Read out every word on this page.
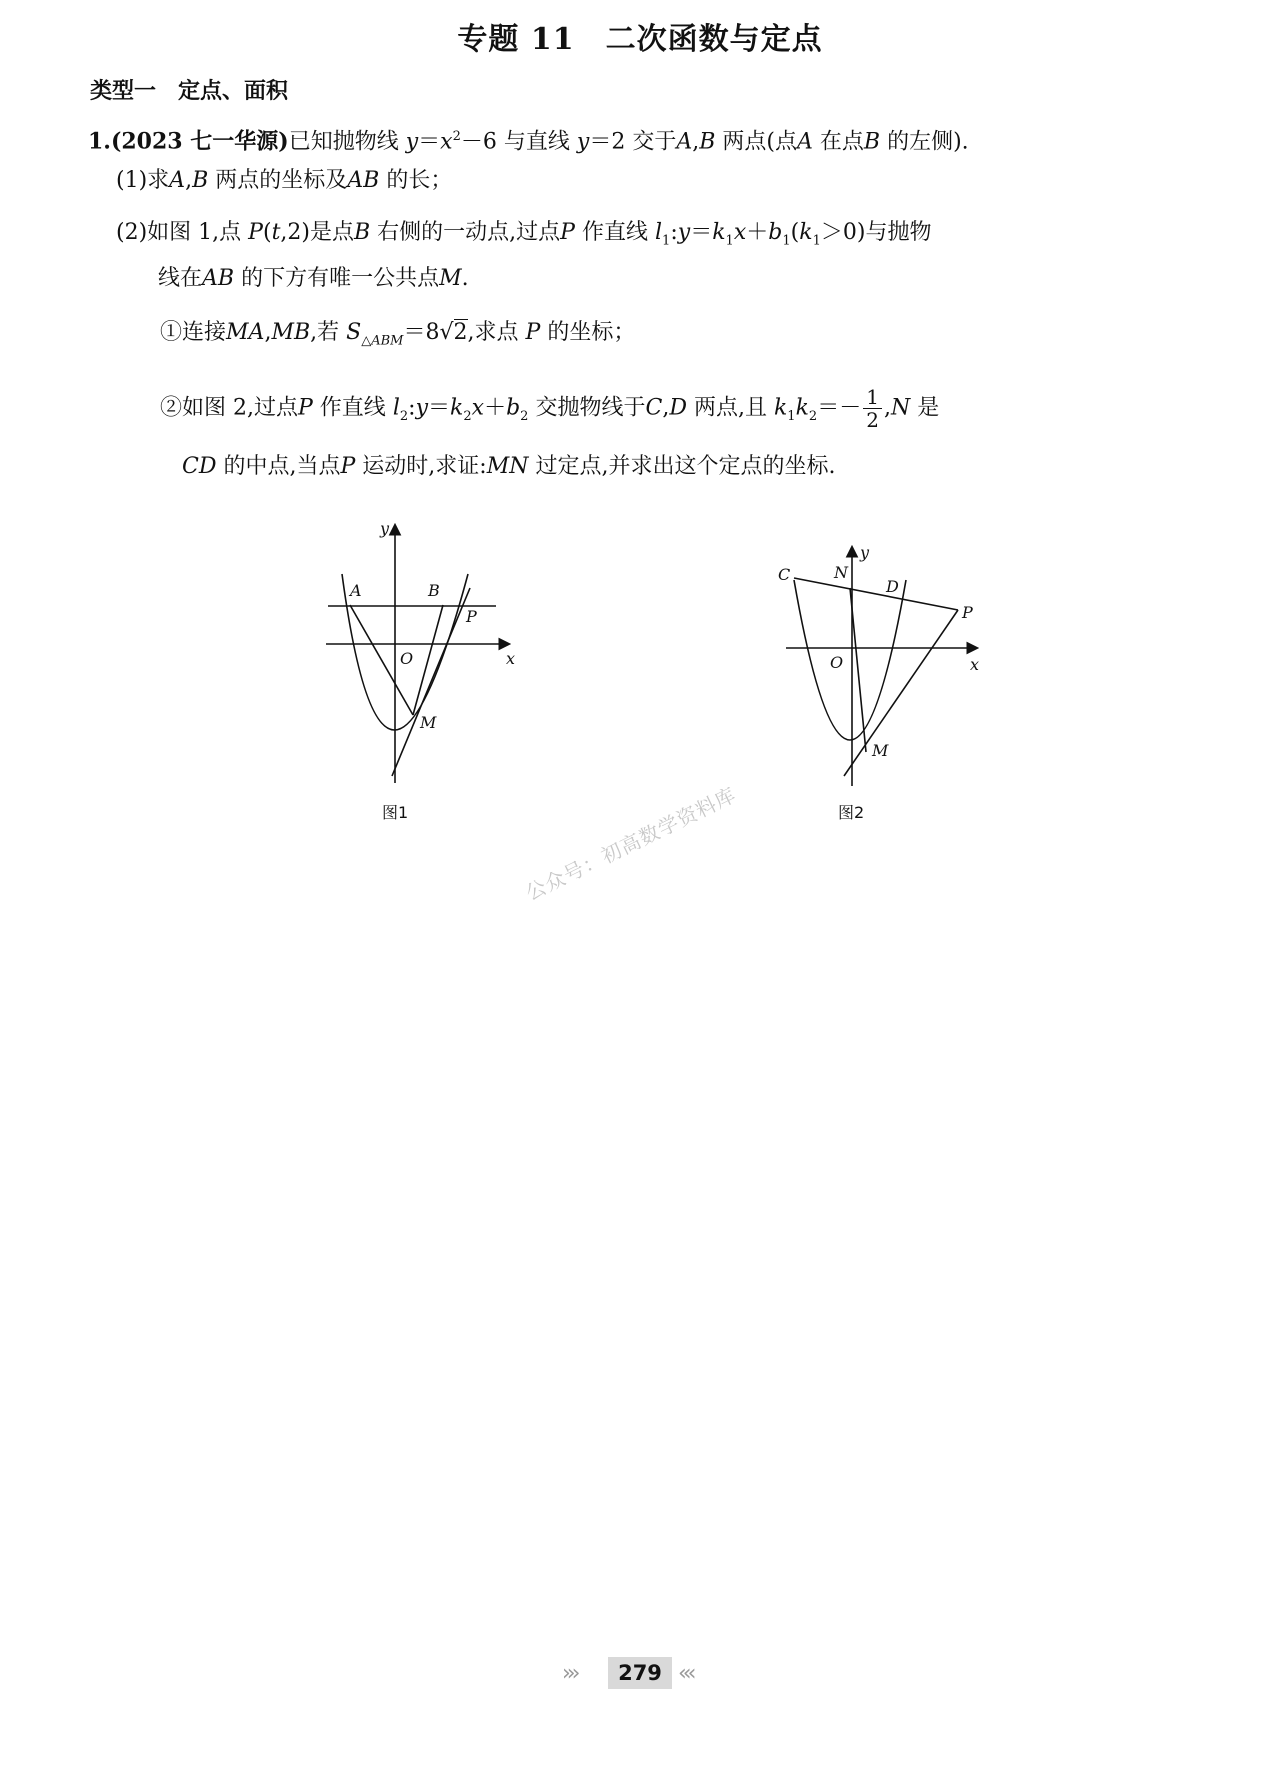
专题 11　二次函数与定点
类型一　定点、面积
1.(2023 七一华源)已知抛物线 $y=x^2-6$ 与直线 y＝2 交于A,B 两点(点A 在点B 的左侧).
(1)求A,B 两点的坐标及AB 的长；
(2)如图 1,点 P(t,2)是点B 右侧的一动点,过点P 作直线 $l_1:y=k_1x+b_1(k_1>0)$与抛物
线在AB 的下方有唯一公共点M.
①连接MA,MB,若 $S_{\triangle ABM}=8√2$,求点 P 的坐标；
②如图 2,过点P 作直线 $l_2:y=k_2x+b_2$ 交抛物线于C,D 两点,且 $k_1k_2=- \frac{1}{2} ,N$ 是
CD 的中点,当点P 运动时,求证:MN 过定点,并求出这个定点的坐标.
y
x
O
A	B
P
M
图1
y
x
O
C	N
D
P
M
图2
公众号：初高数学资料库
›››	279 ‹‹‹
